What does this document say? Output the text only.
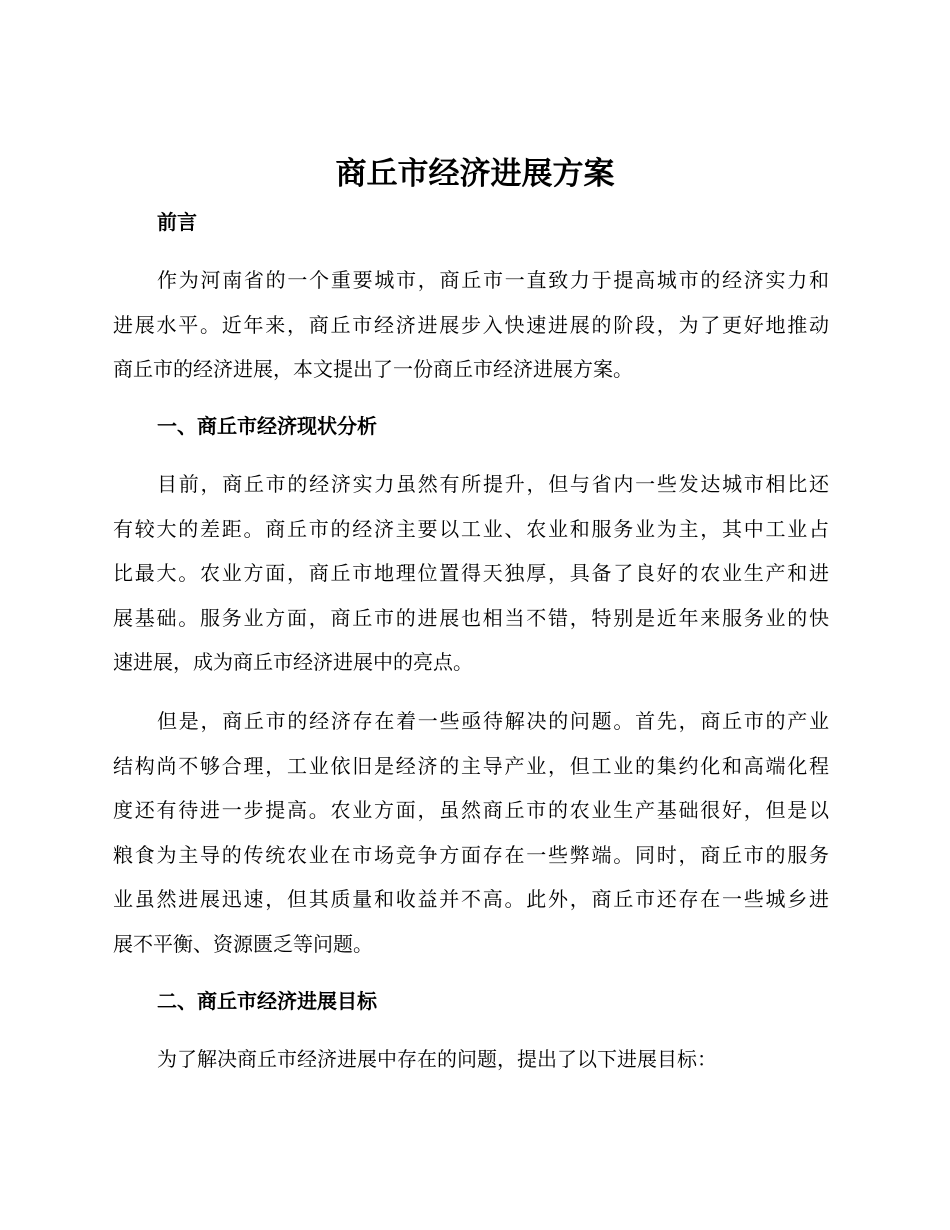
商丘市经济进展方案
前言
作为河南省的一个重要城市，商丘市一直致力于提高城市的经济实力和
进展水平。近年来，商丘市经济进展步入快速进展的阶段，为了更好地推动
商丘市的经济进展，本文提出了一份商丘市经济进展方案。
一、商丘市经济现状分析
目前，商丘市的经济实力虽然有所提升，但与省内一些发达城市相比还
有较大的差距。商丘市的经济主要以工业、农业和服务业为主，其中工业占
比最大。农业方面，商丘市地理位置得天独厚，具备了良好的农业生产和进
展基础。服务业方面，商丘市的进展也相当不错，特别是近年来服务业的快
速进展，成为商丘市经济进展中的亮点。
但是，商丘市的经济存在着一些亟待解决的问题。首先，商丘市的产业
结构尚不够合理，工业依旧是经济的主导产业，但工业的集约化和高端化程
度还有待进一步提高。农业方面，虽然商丘市的农业生产基础很好，但是以
粮食为主导的传统农业在市场竞争方面存在一些弊端。同时，商丘市的服务
业虽然进展迅速，但其质量和收益并不高。此外，商丘市还存在一些城乡进
展不平衡、资源匮乏等问题。
二、商丘市经济进展目标
为了解决商丘市经济进展中存在的问题，提出了以下进展目标：
